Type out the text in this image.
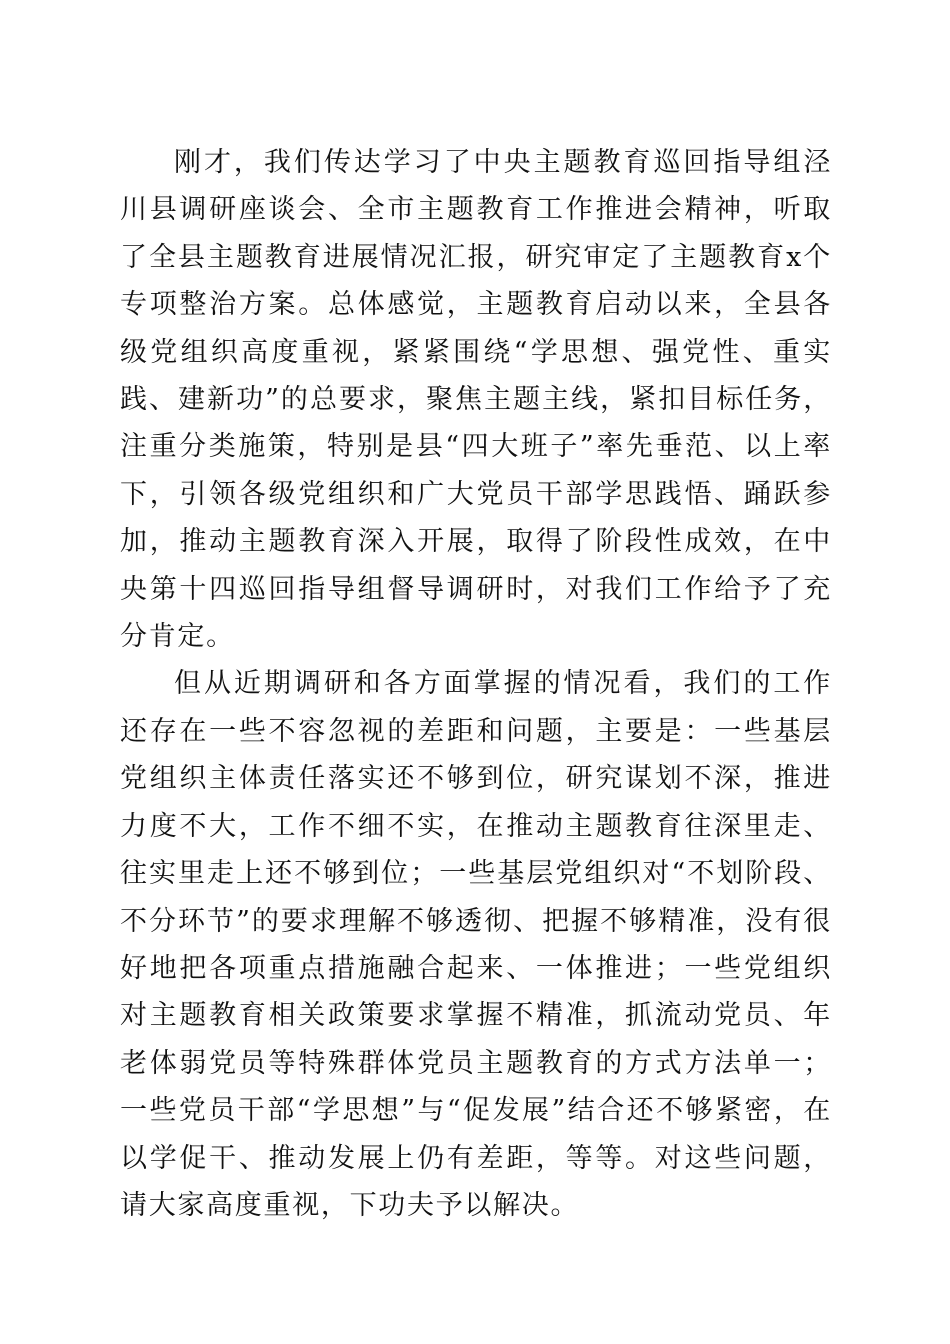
刚才，我们传达学习了中央主题教育巡回指导组泾川县调研座谈会、全市主题教育工作推进会精神，听取了全县主题教育进展情况汇报，研究审定了主题教育x个专项整治方案。总体感觉，主题教育启动以来，全县各级党组织高度重视，紧紧围绕“学思想、强党性、重实践、建新功”的总要求，聚焦主题主线，紧扣目标任务，注重分类施策，特别是县“四大班子”率先垂范、以上率下，引领各级党组织和广大党员干部学思践悟、踊跃参加，推动主题教育深入开展，取得了阶段性成效，在中央第十四巡回指导组督导调研时，对我们工作给予了充分肯定。

但从近期调研和各方面掌握的情况看，我们的工作还存在一些不容忽视的差距和问题，主要是：一些基层党组织主体责任落实还不够到位，研究谋划不深，推进力度不大，工作不细不实，在推动主题教育往深里走、往实里走上还不够到位；一些基层党组织对“不划阶段、不分环节”的要求理解不够透彻、把握不够精准，没有很好地把各项重点措施融合起来、一体推进；一些党组织对主题教育相关政策要求掌握不精准，抓流动党员、年老体弱党员等特殊群体党员主题教育的方式方法单一；一些党员干部“学思想”与“促发展”结合还不够紧密，在以学促干、推动发展上仍有差距，等等。对这些问题，请大家高度重视，下功夫予以解决。
